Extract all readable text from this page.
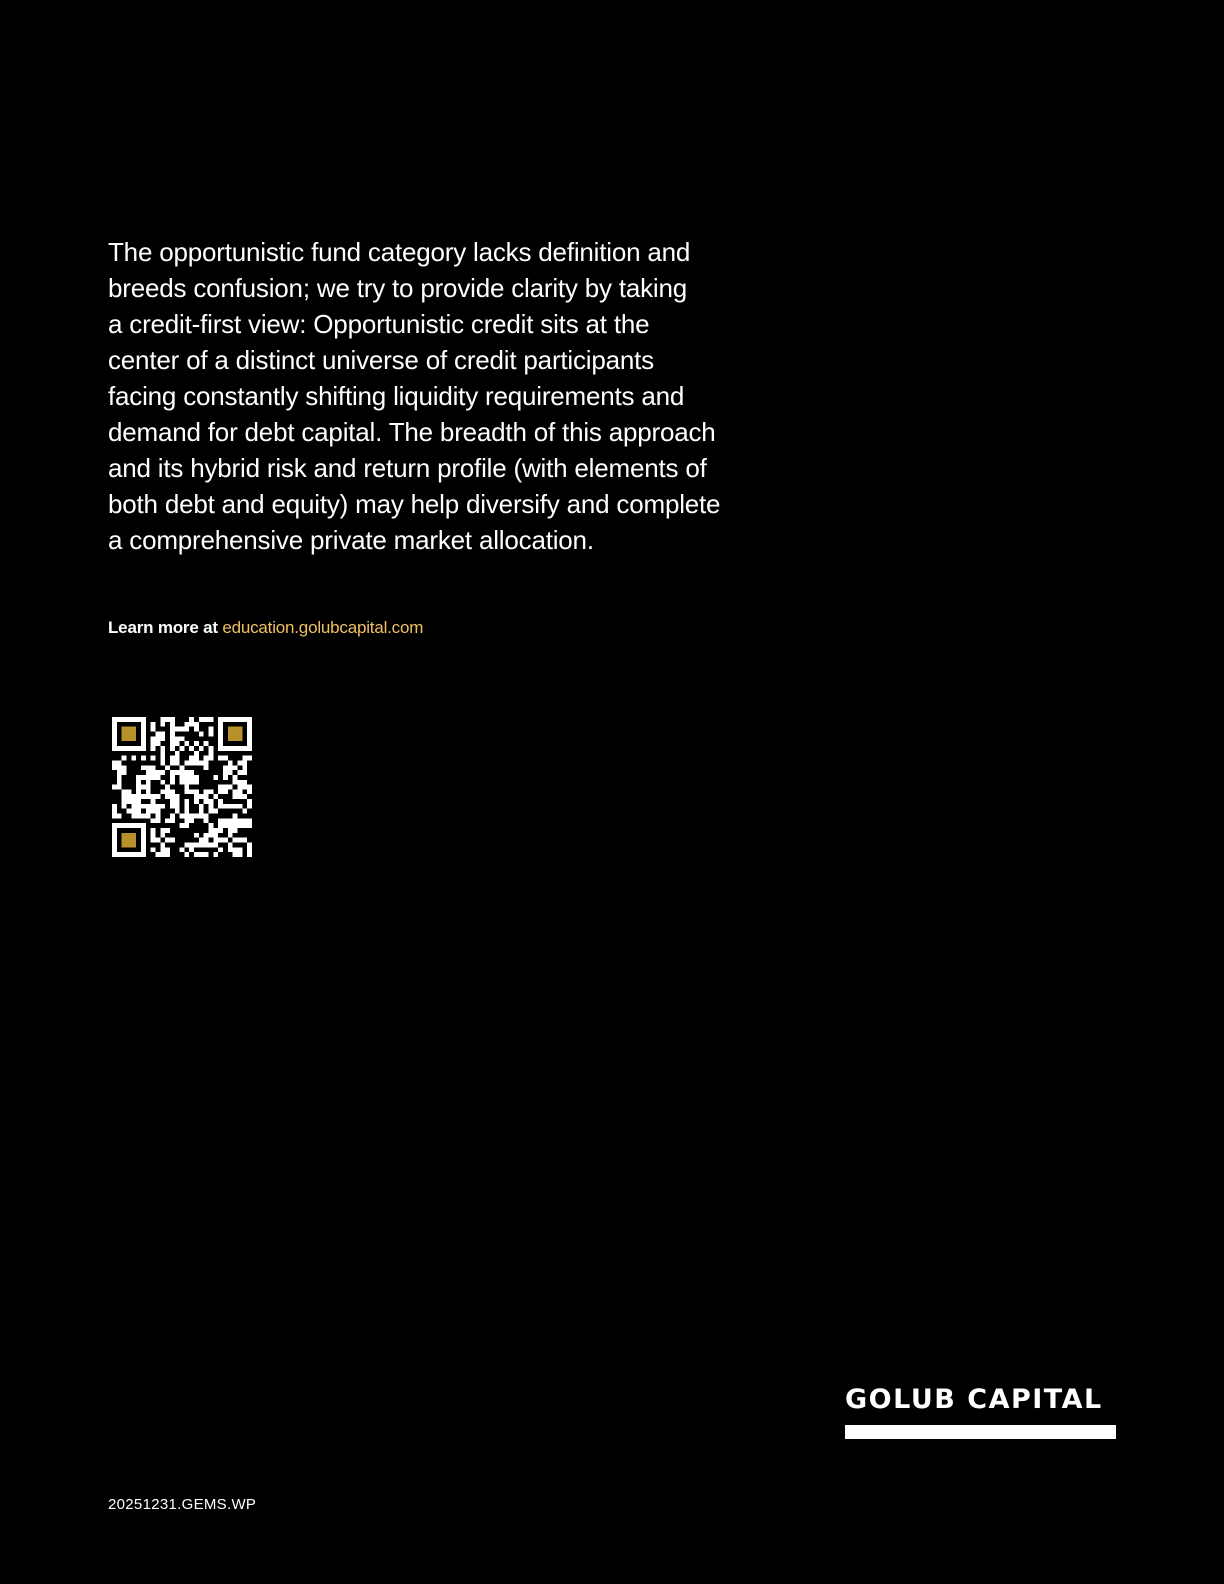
The opportunistic fund category lacks definition and
breeds confusion; we try to provide clarity by taking
a credit-first view: Opportunistic credit sits at the
center of a distinct universe of credit participants
facing constantly shifting liquidity requirements and
demand for debt capital. The breadth of this approach
and its hybrid risk and return profile (with elements of
both debt and equity) may help diversify and complete
a comprehensive private market allocation.

Learn more at education.golubcapital.com
GOLUB CAPITAL
20251231.GEMS.WP
